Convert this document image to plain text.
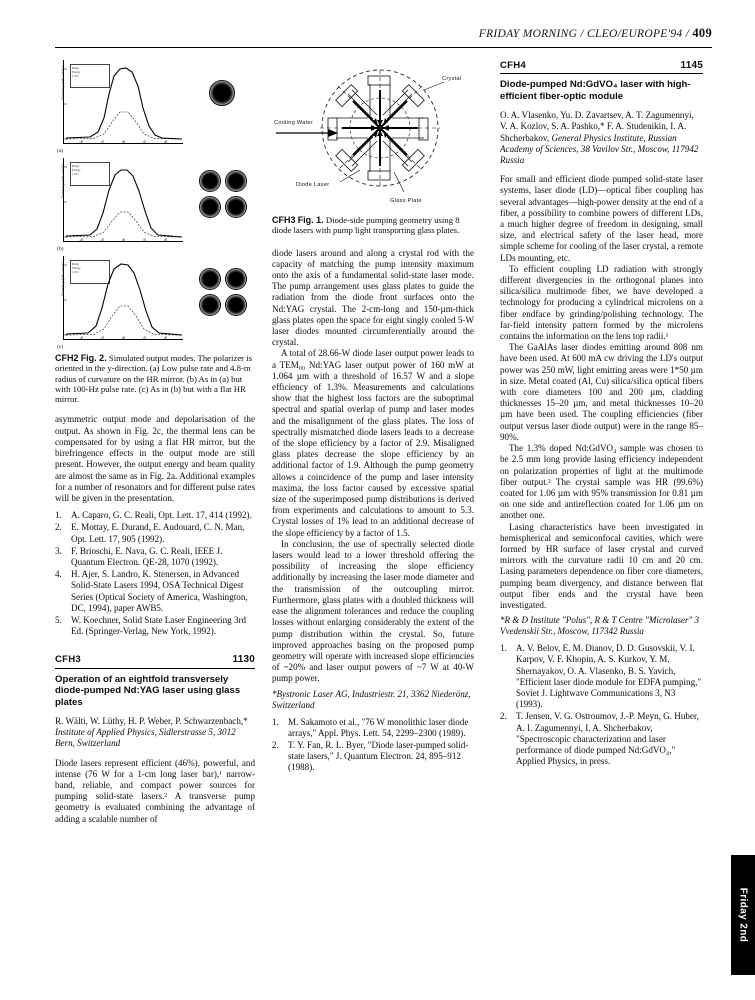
FRIDAY MORNING / CLEO/EUROPE'94 / 409
Intensity (arb. units)	Pump
Energy
1.50 J
-2	-1	0	1	2
(a)
Intensity (arb. units)	Pump
Energy
1.50 J
-2	-1	0	1	2
(b)
Intensity (arb. units)	Pump
Energy
1.50 J
-2	-1	0	1	2
(c)
CFH2 Fig. 2. Simulated output modes. The polarizer is oriented in the y-direction. (a) Low pulse rate and 4.8-m radius of curvature on the HR mirror. (b) As in (a) but with 100-Hz pulse rate. (c) As in (b) but with a flat HR mirror.

asymmetric output mode and depolarisation of the output. As shown in Fig. 2c, the thermal lens can be compensated for by using a flat HR mirror, but the birefringence effects in the output mode are still present. However, the output energy and beam quality are almost the same as in Fig. 2a. Additional examples for a number of resonators and for different pulse rates will be given in the presentation.

1. A. Caparo, G. C. Reali, Opt. Lett. 17, 414 (1992).
2. E. Mottay, E. Durand, E. Audouard, C. N. Man, Opt. Lett. 17, 905 (1992).
3. F. Brioschi, E. Nava, G. C. Reali, IEEE J. Quantum Electron. QE-28, 1070 (1992).
4. H. Ajer, S. Landro, K. Stenersen, in Advanced Solid-State Lasers 1994, OSA Technical Digest Series (Optical Society of America, Washington, DC, 1994), paper AWB5.
5. W. Koechner, Solid State Laser Engineering 3rd Ed. (Springer-Verlag, New York, 1992).
CFH3	1130
Operation of an eightfold transversely diode-pumped Nd:YAG laser using glass plates
R. Wälti, W. Lüthy, H. P. Weber, P. Schwarzenbach,* Institute of Applied Physics, Sidlerstrasse 5, 3012 Bern, Switzerland

Diode lasers represent efficient (46%), powerful, and intense (76 W for a 1-cm long laser bar),¹ narrow-band, reliable, and compact power sources for pumping solid-state lasers.² A transverse pump geometry is evaluated combining the advantage of adding a scalable number of

Cooling Water
Crystal
Diode Laser
Glass Plate
CFH3 Fig. 1. Diode-side pumping geometry using 8 diode lasers with pump light transporting glass plates.

diode lasers around and along a crystal rod with the capacity of matching the pump intensity maximum onto the axis of a fundamental solid-state laser mode. The pump arrangement uses glass plates to guide the radiation from the diode front surfaces onto the Nd:YAG crystal. The 2-cm-long and 150-µm-thick glass plates open the space for eight singly cooled 5-W laser diodes mounted circumferentially around the crystal.

A total of 28.66-W diode laser output power leads to a TEM₀₀ Nd:YAG laser output power of 160 mW at 1.064 µm with a threshold of 16.57 W and a slope efficiency of 1.3%. Measurements and calculations show that the highest loss factors are the suboptimal spectral and spatial overlap of pump and laser modes and the misalignment of the glass plates. The loss of spectrally mismatched diode lasers leads to a decrease of the slope efficiency by a factor of 2.9. Misaligned glass plates decrease the slope efficiency by an additional factor of 1.9. Although the pump geometry allows a coincidence of the pump and laser intensity maxima, the loss factor caused by excessive spatial size of the superimposed pump distributions is derived from experiments and calculations to amount to 5.3. Crystal losses of 1% lead to an additional decrease of the slope efficiency by a factor of 1.5.

In conclusion, the use of spectrally selected diode lasers would lead to a lower threshold offering the possibility of increasing the slope efficiency additionally by increasing the laser mode diameter and the transmission of the outcoupling mirror. Furthermore, glass plates with a doubled thickness will ease the alignment tolerances and reduce the coupling losses without enlarging considerably the extent of the pump distribution within the crystal. So, future improved approaches basing on the proposed pump geometry will operate with increased slope efficiencies of ~20% and laser output powers of ~7 W at 40-W pump power.

*Bystronic Laser AG, Industriestr. 21, 3362 Niederönz, Switzerland
1. M. Sakamoto et al., "76 W monolithic laser diode arrays," Appl. Phys. Lett. 54, 2299–2300 (1989).
2. T. Y. Fan, R. L. Byer, "Diode laser-pumped solid-state lasers," J. Quantum Electron. 24, 895–912 (1988).
CFH4	1145
Diode-pumped Nd:GdVO₄ laser with high-efficient fiber-optic module
O. A. Vlasenko, Yu. D. Zavartsev, A. T. Zagumennyi, V. A. Kozlov, S. A. Pashko,* F. A. Studenikin, I. A. Shcherbakov, General Physics Institute, Russian Academy of Sciences, 38 Vavilov Str., Moscow, 117942 Russia

For small and efficient diode pumped solid-state laser systems, laser diode (LD)—optical fiber coupling has several advantages—high-power density at the end of a fiber, a possibility to combine powers of different LDs, a much higher degree of freedom in designing, small size, and electrical safety of the laser head, more simple scheme for cooling of the laser crystal, a remote LDs mounting, etc.

To efficient coupling LD radiation with strongly different divergencies in the orthogonal planes into silica/silica multimode fiber, we have developed a technology for producing a cylindrical microlens on a fiber endface by grinding/polishing technology. The far-field intensity pattern formed by the microlens contains the information on the lens top radii.¹

The GaAlAs laser diodes emitting around 808 nm have been used. At 600 mA cw driving the LD's output power was 250 mW, light emitting areas were 1*50 µm in size. Metal coated (Al, Cu) silica/silica optical fibers with core diameters 100 and 200 µm, cladding thicknesses 15–20 µm, and metal thicknesses 10–20 µm have been used. The coupling efficiencies (fiber output versus laser diode output) were in the range 85–90%.

The 1.3% doped Nd:GdVO₄ sample was chosen to be 2.5 mm long provide lasing efficiency independent on polarization properties of light at the multimode fiber output.² The crystal sample was HR (99.6%) coated for 1.06 µm with 95% transmission for 0.81 µm on one side and antireflection coated for 1.06 µm on another one.

Lasing characteristics have been investigated in hemispherical and semiconfocal cavities, which were formed by HR surface of laser crystal and curved mirrors with the curvature radii 10 cm and 20 cm. Lasing parameters dependence on fiber core diameters, pumping beam divergency, and distance between flat output fiber ends and the crystal have been investigated.

*R & D Institute "Polus", R & T Centre "Microlaser" 3 Vvedenskii Str., Moscow, 117342 Russia
1. A. V. Belov, E. M. Dianov, D. D. Gusovskii, V. I. Karpov, V. F. Khopin, A. S. Kurkov, Y. M. Shernayakov, O. A. Vlasenko, B. S. Yavich, "Efficient laser diode module for EDFA pumping," Soviet J. Lightwave Communications 3, N3 (1993).
2. T. Jensen, V. G. Ostroumov, J.-P. Meyn, G. Huber, A. I. Zagumennyi, I. A. Shcherbakov, "Spectroscopic characterization and laser performance of diode pumped Nd:GdVO₄," Applied Physics, in press.
Friday 2nd
